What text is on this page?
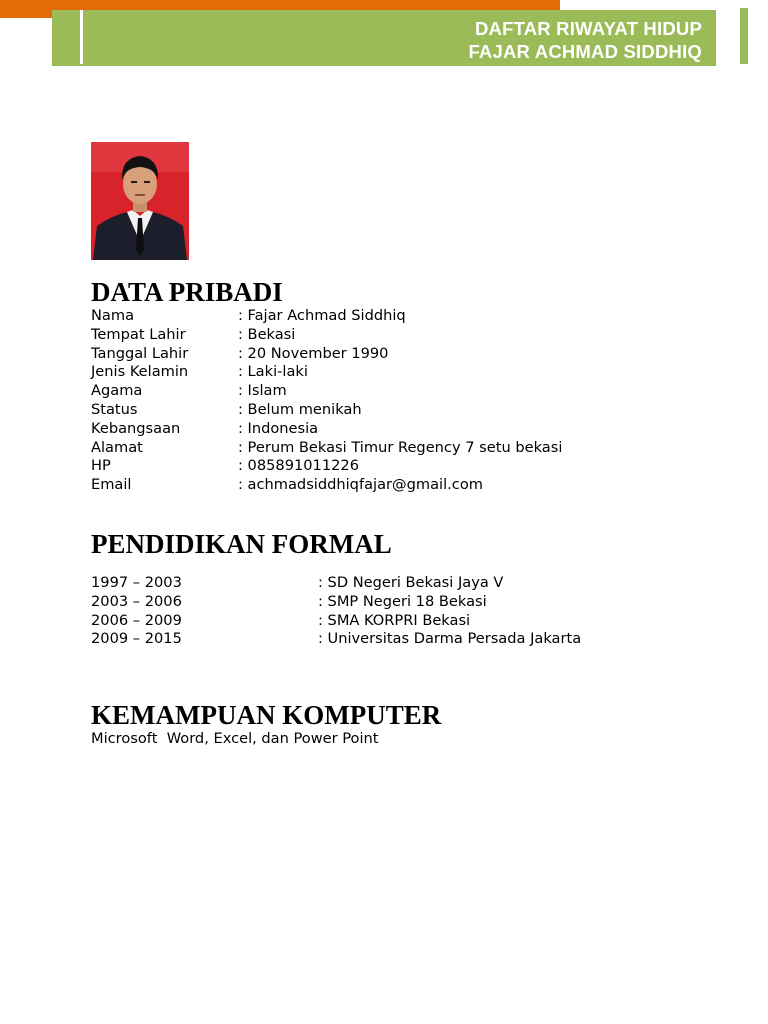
DAFTAR RIWAYAT HIDUP
FAJAR ACHMAD SIDDHIQ
DATA PRIBADI
Nama	: Fajar Achmad Siddhiq
Tempat Lahir	: Bekasi
Tanggal Lahir	: 20 November 1990
Jenis Kelamin	: Laki-laki
Agama	: Islam
Status	: Belum menikah
Kebangsaan	: Indonesia
Alamat	: Perum Bekasi Timur Regency 7 setu bekasi
HP	: 085891011226
Email	: achmadsiddhiqfajar@gmail.com
PENDIDIKAN FORMAL
1997 – 2003	: SD Negeri Bekasi Jaya V
2003 – 2006	: SMP Negeri 18 Bekasi
2006 – 2009	: SMA KORPRI Bekasi
2009 – 2015	: Universitas Darma Persada Jakarta
KEMAMPUAN KOMPUTER
Microsoft  Word, Excel, dan Power Point
